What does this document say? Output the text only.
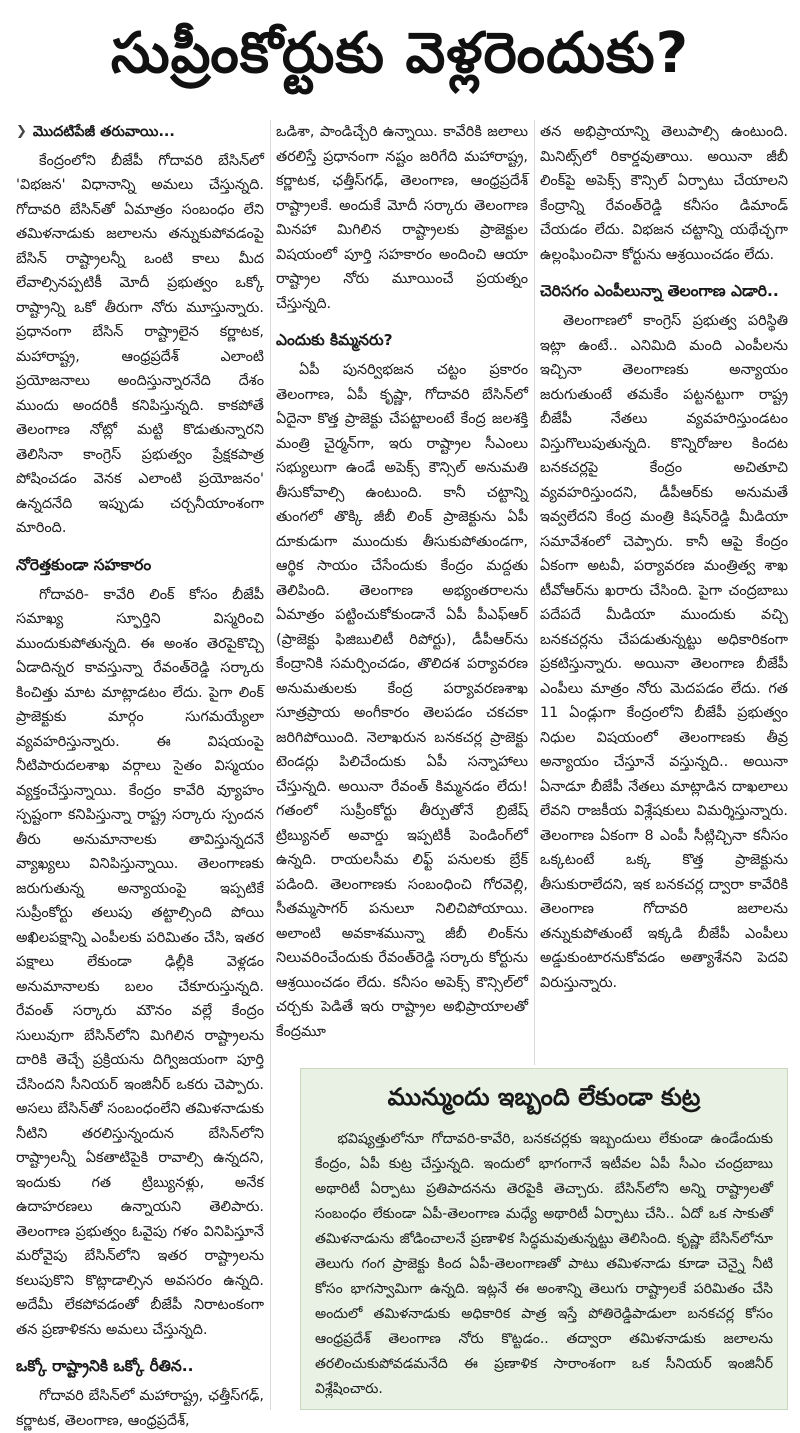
సుప్రీంకోర్టుకు వెళ్లరెందుకు?
❯ మొదటిపేజీ తరువాయి...

కేంద్రంలోని బీజేపీ గోదావరి బేసిన్‌లో 'విభజన' విధానాన్ని అమలు చేస్తున్నది. గోదావరి బేసిన్‌తో ఏమాత్రం సంబంధం లేని తమిళనాడుకు జలాలను తన్నుకుపోవడంపై బేసిన్ రాష్ట్రాలన్నీ ఒంటి కాలు మీద లేవాల్సినప్పటికీ మోదీ ప్రభుత్వం ఒక్కో రాష్ట్రాన్ని ఒకో తీరుగా నోరు మూస్తున్నారు. ప్రధానంగా బేసిన్ రాష్ట్రాలైన కర్ణాటక, మహారాష్ట్ర, ఆంధ్రప్రదేశ్ ఎలాంటి ప్రయోజనాలు అందిస్తున్నారనేది దేశం ముందు అందరికీ కనిపిస్తున్నది. కాకపోతే తెలంగాణ నోట్లో మట్టి కొడుతున్నారని తెలిసినా కాంగ్రెస్ ప్రభుత్వం ప్రేక్షకపాత్ర పోషించడం వెనక ఎలాంటి ప్రయోజనం' ఉన్నదనేది ఇప్పుడు చర్చనీయాంశంగా మారింది.

నోరెత్తకుండా సహకారం

గోదావరి- కావేరి లింక్ కోసం బీజేపీ సమాఖ్య స్ఫూర్తిని విస్మరించి ముందుకుపోతున్నది. ఈ అంశం తెరపైకొచ్చి ఏడాదిన్నర కావస్తున్నా రేవంత్‌రెడ్డి సర్కారు కించిత్తు మాట మాట్లాడటం లేదు. పైగా లింక్ ప్రాజెక్టుకు మార్గం సుగమయ్యేలా వ్యవహరిస్తున్నారు. ఈ విషయంపై నీటిపారుదలశాఖ వర్గాలు సైతం విస్మయం వ్యక్తంచేస్తున్నాయి. కేంద్రం కావేరి వ్యూహం స్పష్టంగా కనిపిస్తున్నా రాష్ట్ర సర్కారు స్పందన తీరు అనుమానాలకు తావిస్తున్నదనే వ్యాఖ్యలు వినిపిస్తున్నాయి. తెలంగాణకు జరుగుతున్న అన్యాయంపై ఇప్పటికే సుప్రీంకోర్టు తలుపు తట్టాల్సింది పోయి అఖిలపక్షాన్ని ఎంపీలకు పరిమితం చేసి, ఇతర పక్షాలు లేకుండా ఢిల్లీకి వెళ్లడం అనుమానాలకు బలం చేకూరుస్తున్నది. రేవంత్ సర్కారు మౌనం వల్లే కేంద్రం సులువుగా బేసిన్‌లోని మిగిలిన రాష్ట్రాలను దారికి తెచ్చే ప్రక్రియను దిగ్విజయంగా పూర్తి చేసిందని సీనియర్ ఇంజినీర్ ఒకరు చెప్పారు. అసలు బేసిన్‌తో సంబంధంలేని తమిళనాడుకు నీటిని తరలిస్తున్నందున బేసిన్‌లోని రాష్ట్రాలన్నీ ఏకతాటిపైకి రావాల్సి ఉన్నదని, ఇందుకు గత ట్రిబ్యునళ్లు, అనేక ఉదాహరణలు ఉన్నాయని తెలిపారు. తెలంగాణ ప్రభుత్వం ఓవైపు గళం వినిపిస్తూనే మరోవైపు బేసిన్‌లోని ఇతర రాష్ట్రాలను కలుపుకొని కొట్లాడాల్సిన అవసరం ఉన్నది. అదేమీ లేకపోవడంతో బీజేపీ నిరాటంకంగా తన ప్రణాళికను అమలు చేస్తున్నది.

ఒక్కో రాష్ట్రానికి ఒక్కో రీతిన..

గోదావరి బేసిన్‌లో మహారాష్ట్ర, ఛత్తీస్‌గఢ్, కర్ణాటక, తెలంగాణ, ఆంధ్రప్రదేశ్,

ఒడిశా, పాండిచ్చేరి ఉన్నాయి. కావేరికి జలాలు తరలిస్తే ప్రధానంగా నష్టం జరిగేది మహారాష్ట్ర, కర్ణాటక, ఛత్తీస్‌గఢ్, తెలంగాణ, ఆంధ్రప్రదేశ్ రాష్ట్రాలకే. అందుకే మోదీ సర్కారు తెలంగాణ మినహా మిగిలిన రాష్ట్రాలకు ప్రాజెక్టుల విషయంలో పూర్తి సహకారం అందించి ఆయా రాష్ట్రాల నోరు మూయించే ప్రయత్నం చేస్తున్నది.

ఎందుకు కిమ్మనరు?

ఏపీ పునర్విభజన చట్టం ప్రకారం తెలంగాణ, ఏపీ కృష్ణా, గోదావరి బేసిన్‌లో ఏదైనా కొత్త ప్రాజెక్టు చేపట్టాలంటే కేంద్ర జలశక్తి మంత్రి చైర్మన్‌గా, ఇరు రాష్ట్రాల సీఎంలు సభ్యులుగా ఉండే అపెక్స్ కౌన్సిల్ అనుమతి తీసుకోవాల్సి ఉంటుంది. కానీ చట్టాన్ని తుంగలో తొక్కి జీబీ లింక్ ప్రాజెక్టును ఏపీ దూకుడుగా ముందుకు తీసుకుపోతుండగా, ఆర్థిక సాయం చేసేందుకు కేంద్రం మద్దతు తెలిపింది. తెలంగాణ అభ్యంతరాలను ఏమాత్రం పట్టించుకోకుండానే ఏపీ పీఎఫ్‌ఆర్ (ప్రాజెక్టు ఫిజిబులిటీ రిపోర్టు), డీపీఆర్‌ను కేంద్రానికి సమర్పించడం, తొలిదశ పర్యావరణ అనుమతులకు కేంద్ర పర్యావరణశాఖ సూత్రప్రాయ అంగీకారం తెలపడం చకచకా జరిగిపోయింది. నెలాఖరున బనకచర్ల ప్రాజెక్టు టెండర్లు పిలిచేందుకు ఏపీ సన్నాహాలు చేస్తున్నది. అయినా రేవంత్ కిమ్మనడం లేదు! గతంలో సుప్రీంకోర్టు తీర్పుతోనే బ్రిజేష్ ట్రిబ్యునల్ అవార్డు ఇప్పటికీ పెండింగ్‌లో ఉన్నది. రాయలసీమ లిఫ్ట్ పనులకు బ్రేక్ పడింది. తెలంగాణకు సంబంధించి గోరవెల్లి, సీతమ్మసాగర్ పనులూ నిలిచిపోయాయి. అలాంటి అవకాశమున్నా జీబీ లింక్‌ను నిలువరించేందుకు రేవంత్‌రెడ్డి సర్కారు కోర్టును ఆశ్రయించడం లేదు. కనీసం అపెక్స్ కౌన్సిల్‌లో చర్చకు పెడితే ఇరు రాష్ట్రాల అభిప్రాయాలతో కేంద్రమూ

తన అభిప్రాయాన్ని తెలుపాల్సి ఉంటుంది. మినిట్స్‌లో రికార్డవుతాయి. అయినా జీబీ లింక్‌పై అపెక్స్ కౌన్సిల్ ఏర్పాటు చేయాలని కేంద్రాన్ని రేవంత్‌రెడ్డి కనీసం డిమాండ్ చేయడం లేదు. విభజన చట్టాన్ని యథేచ్ఛగా ఉల్లంఘించినా కోర్టును ఆశ్రయించడం లేదు.

చెరిసగం ఎంపీలున్నా తెలంగాణ ఎడారి..

తెలంగాణలో కాంగ్రెస్ ప్రభుత్వ పరిస్థితి ఇట్లా ఉంటే.. ఎనిమిది మంది ఎంపీలను ఇచ్చినా తెలంగాణకు అన్యాయం జరుగుతుంటే తమకేం పట్టనట్టుగా రాష్ట్ర బీజేపీ నేతలు వ్యవహరిస్తుండటం విస్తుగొలుపుతున్నది. కొన్నిరోజుల కిందట బనకచర్లపై కేంద్రం అచితూచి వ్యవహరిస్తుందని, డీపీఆర్‌కు అనుమతే ఇవ్వలేదని కేంద్ర మంత్రి కిషన్‌రెడ్డి మీడియా సమావేశంలో చెప్పారు. కానీ ఆపై కేంద్రం ఏకంగా అటవీ, పర్యావరణ మంత్రిత్వ శాఖ టీవోఆర్‌ను ఖరారు చేసింది. పైగా చంద్రబాబు పదేపదే మీడియా ముందుకు వచ్చి బనకచర్లను చేపడుతున్నట్టు అధికారికంగా ప్రకటిస్తున్నారు. అయినా తెలంగాణ బీజేపీ ఎంపీలు మాత్రం నోరు మెదపడం లేదు. గత 11 ఏండ్లుగా కేంద్రంలోని బీజేపీ ప్రభుత్వం నిధుల విషయంలో తెలంగాణకు తీవ్ర అన్యాయం చేస్తూనే వస్తున్నది.. అయినా ఏనాడూ బీజేపీ నేతలు మాట్లాడిన దాఖలాలు లేవని రాజకీయ విశ్లేషకులు విమర్శిస్తున్నారు. తెలంగాణ ఏకంగా 8 ఎంపీ సీట్లిచ్చినా కనీసం ఒక్కటంటే ఒక్క కొత్త ప్రాజెక్టును తీసుకురాలేదని, ఇక బనకచర్ల ద్వారా కావేరికి తెలంగాణ గోదావరి జలాలను తన్నుకుపోతుంటే ఇక్కడి బీజేపీ ఎంపీలు అడ్డుకుంటారనుకోవడం అత్యాశేనని పెదవి విరుస్తున్నారు.

మున్ముందు ఇబ్బంది లేకుండా కుట్ర

భవిష్యత్తులోనూ గోదావరి-కావేరి, బనకచర్లకు ఇబ్బందులు లేకుండా ఉండేందుకు కేంద్రం, ఏపీ కుట్ర చేస్తున్నది. ఇందులో భాగంగానే ఇటీవల ఏపీ సీఎం చంద్రబాబు అథారిటీ ఏర్పాటు ప్రతిపాదనను తెరపైకి తెచ్చారు. బేసిన్‌లోని అన్ని రాష్ట్రాలతో సంబంధం లేకుండా ఏపీ-తెలంగాణ మధ్యే అథారిటీ ఏర్పాటు చేసి.. ఏదో ఒక సాకుతో తమిళనాడును జోడించాలనే ప్రణాళిక సిద్ధమవుతున్నట్టు తెలిసింది. కృష్ణా బేసిన్‌లోనూ తెలుగు గంగ ప్రాజెక్టు కింద ఏపీ-తెలంగాణతో పాటు తమిళనాడు కూడా చెన్నై నీటి కోసం భాగస్వామిగా ఉన్నది. ఇట్లనే ఈ అంశాన్ని తెలుగు రాష్ట్రాలకే పరిమితం చేసి అందులో తమిళనాడుకు అధికారిక పాత్ర ఇస్తే పోతిరెడ్డిపాడులా బనకచర్ల కోసం ఆంధ్రప్రదేశ్ తెలంగాణ నోరు కొట్టడం.. తద్వారా తమిళనాడుకు జలాలను తరలించుకుపోవడమనేది ఈ ప్రణాళిక సారాంశంగా ఒక సీనియర్ ఇంజినీర్ విశ్లేషించారు.
